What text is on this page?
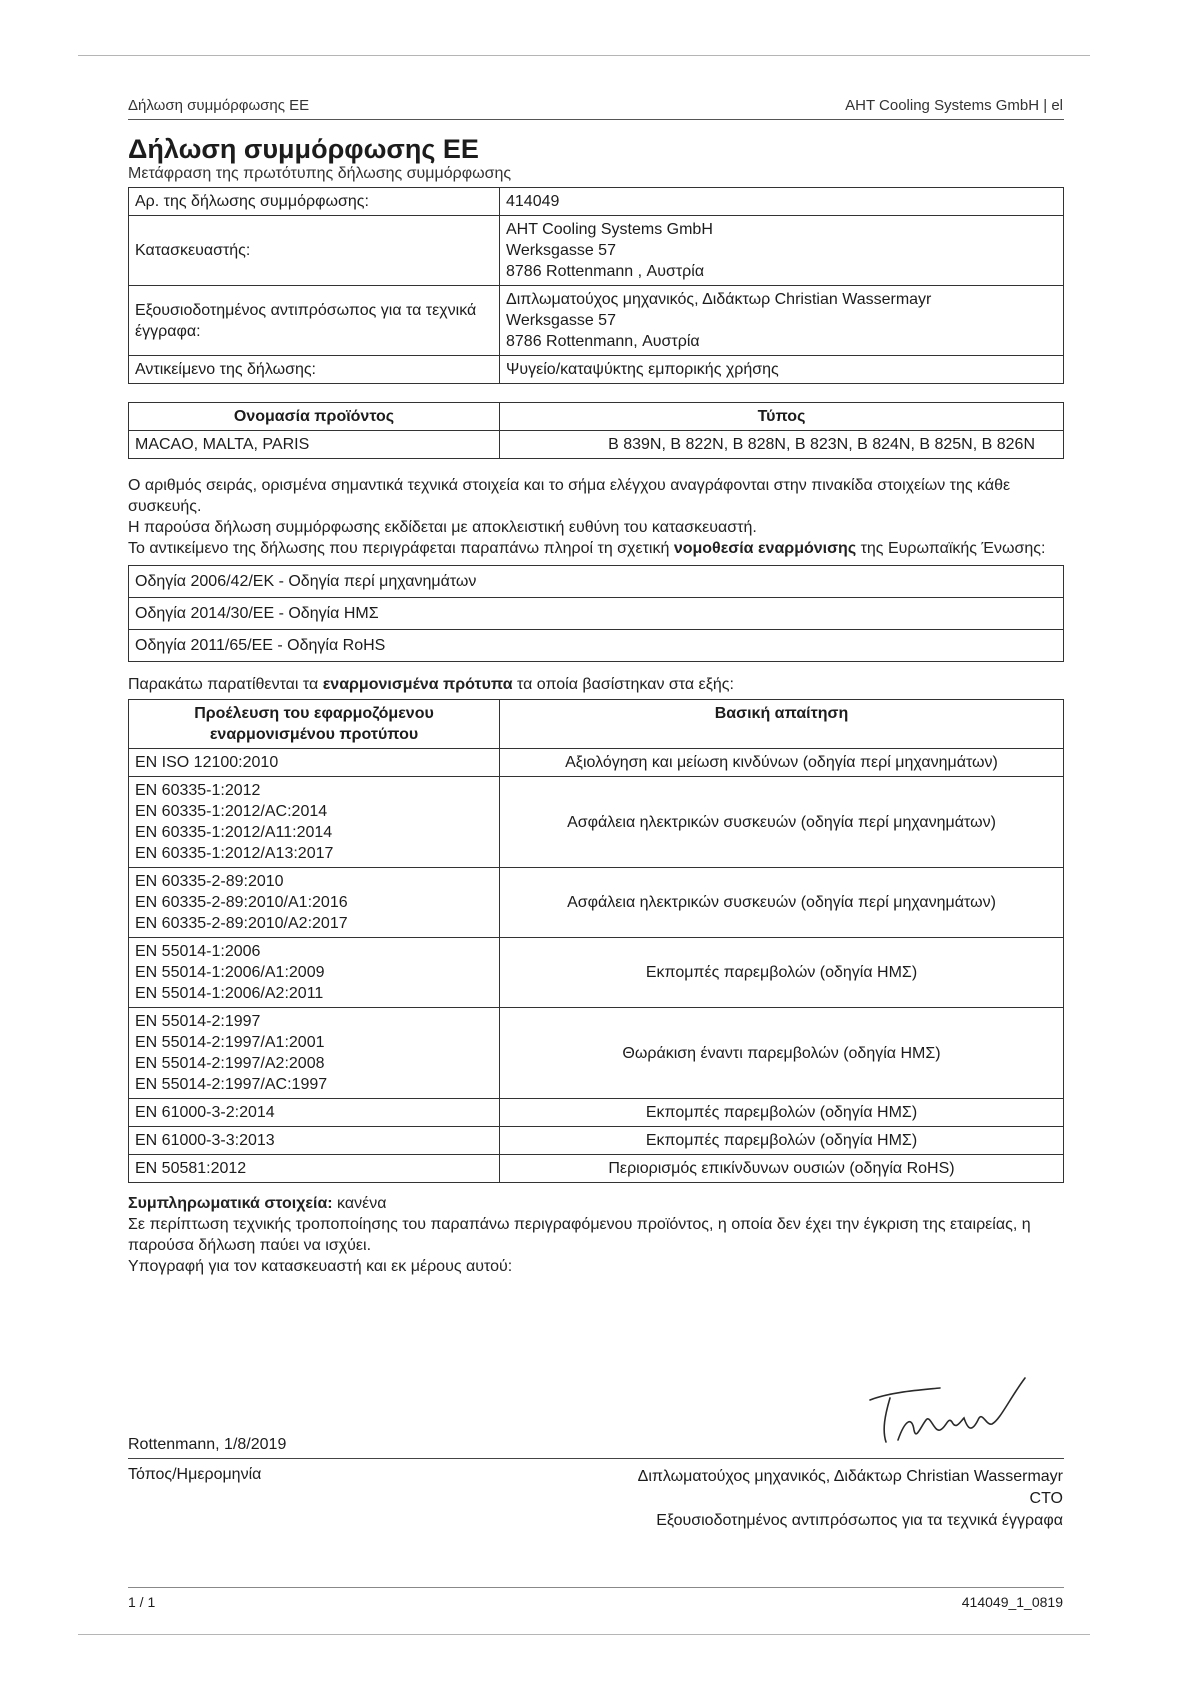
Δήλωση συμμόρφωσης ΕΕ	AHT Cooling Systems GmbH | el
Δήλωση συμμόρφωσης ΕΕ
Μετάφραση της πρωτότυπης δήλωσης συμμόρφωσης
Αρ. της δήλωσης συμμόρφωσης:	414049

Κατασκευαστής:	AHT Cooling Systems GmbH
Werksgasse 57
8786 Rottenmann , Αυστρία

Εξουσιοδοτημένος αντιπρόσωπος για τα τεχνικά έγγραφα:	Διπλωματούχος μηχανικός, Διδάκτωρ Christian Wassermayr
Werksgasse 57
8786 Rottenmann, Αυστρία

Αντικείμενο της δήλωσης:	Ψυγείο/καταψύκτης εμπορικής χρήσης
Ονομασία προϊόντος	Τύπος
MACAO, MALTA, PARIS	B 839N, B 822N, B 828N, B 823N, B 824N, B 825N, B 826N

Ο αριθμός σειράς, ορισμένα σημαντικά τεχνικά στοιχεία και το σήμα ελέγχου αναγράφονται στην πινακίδα στοιχείων της κάθε συσκευής.

Η παρούσα δήλωση συμμόρφωσης εκδίδεται με αποκλειστική ευθύνη του κατασκευαστή.

Το αντικείμενο της δήλωσης που περιγράφεται παραπάνω πληροί τη σχετική νομοθεσία εναρμόνισης της Ευρωπαϊκής Ένωσης:

Οδηγία 2006/42/ΕΚ - Οδηγία περί μηχανημάτων
Οδηγία 2014/30/ΕΕ - Οδηγία ΗΜΣ
Οδηγία 2011/65/ΕΕ - Οδηγία RoHS

Παρακάτω παρατίθενται τα εναρμονισμένα πρότυπα τα οποία βασίστηκαν στα εξής:

Προέλευση του εφαρμοζόμενου εναρμονισμένου προτύπου	Βασική απαίτηση

EN ISO 12100:2010	Αξιολόγηση και μείωση κινδύνων (οδηγία περί μηχανημάτων)

EN 60335-1:2012
EN 60335-1:2012/AC:2014
EN 60335-1:2012/A11:2014
EN 60335-1:2012/A13:2017	Ασφάλεια ηλεκτρικών συσκευών (οδηγία περί μηχανημάτων)

EN 60335-2-89:2010
EN 60335-2-89:2010/A1:2016
EN 60335-2-89:2010/A2:2017	Ασφάλεια ηλεκτρικών συσκευών (οδηγία περί μηχανημάτων)

EN 55014-1:2006
EN 55014-1:2006/A1:2009
EN 55014-1:2006/A2:2011	Εκπομπές παρεμβολών (οδηγία ΗΜΣ)

EN 55014-2:1997
EN 55014-2:1997/A1:2001
EN 55014-2:1997/A2:2008
EN 55014-2:1997/AC:1997	Θωράκιση έναντι παρεμβολών (οδηγία ΗΜΣ)

EN 61000-3-2:2014	Εκπομπές παρεμβολών (οδηγία ΗΜΣ)

EN 61000-3-3:2013	Εκπομπές παρεμβολών (οδηγία ΗΜΣ)

EN 50581:2012	Περιορισμός επικίνδυνων ουσιών (οδηγία RoHS)

Συμπληρωματικά στοιχεία: κανένα

Σε περίπτωση τεχνικής τροποποίησης του παραπάνω περιγραφόμενου προϊόντος, η οποία δεν έχει την έγκριση της εταιρείας, η παρούσα δήλωση παύει να ισχύει.

Υπογραφή για τον κατασκευαστή και εκ μέρους αυτού:

Rottenmann, 1/8/2019
Τόπος/Ημερομηνία	Διπλωματούχος μηχανικός, Διδάκτωρ Christian Wassermayr
CTO
Εξουσιοδοτημένος αντιπρόσωπος για τα τεχνικά έγγραφα
1 / 1	414049_1_0819
